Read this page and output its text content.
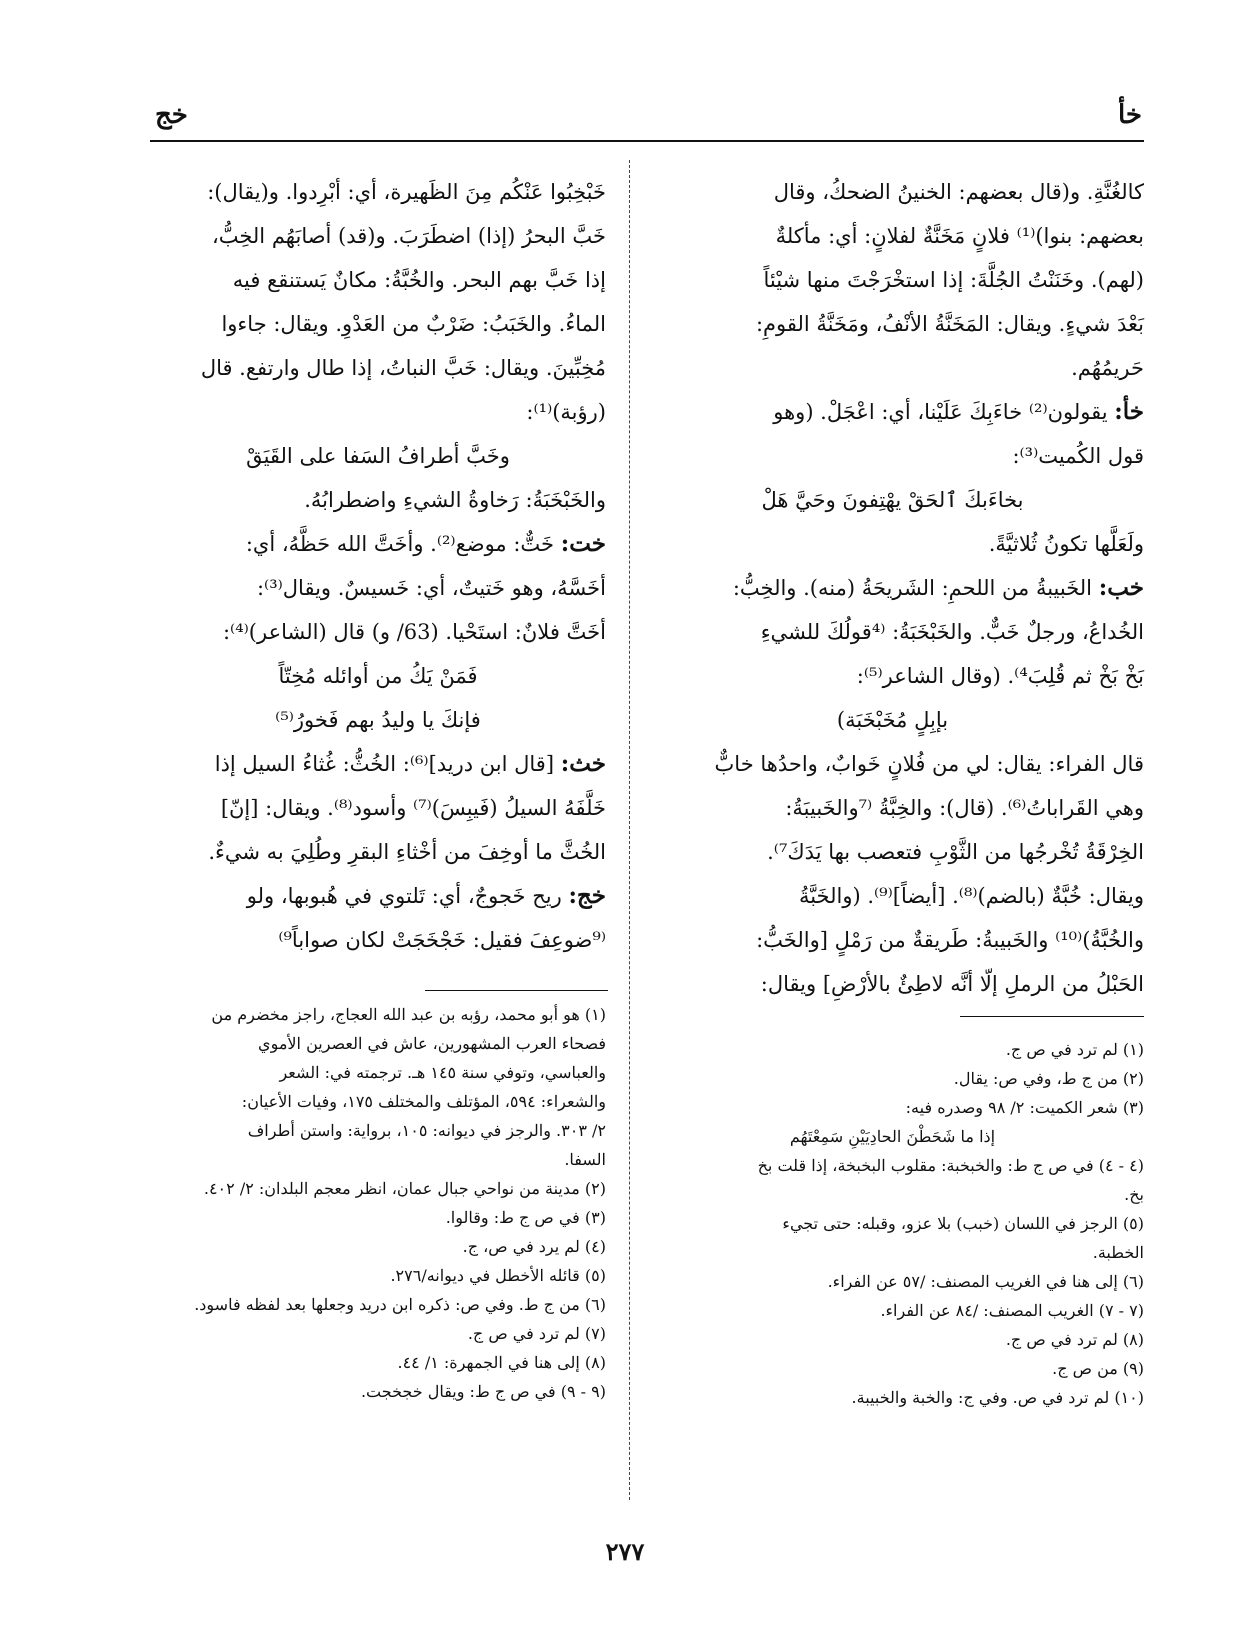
خأ
خج

كالغُنَّةِ. و(قال بعضهم: الخنينُ الضحكُ، وقال

بعضهم: بنوا)⁽¹⁾ فلانٍ مَخَنَّةٌ لفلانٍ: أي: مأكلةٌ

(لهم). وخَنَنْتُ الجُلَّةَ: إذا استخْرَجْتَ منها شيْئاً

بَعْدَ شيءٍ. ويقال: المَخَنَّةُ الأنْفُ، ومَخَنَّةُ القومِ:

حَريمُهُم.

خأ: يقولون⁽²⁾ خاءَبِكَ عَلَيْنا، أي: اعْجَلْ. (وهو

قول الكُميت⁽³⁾:

بخاءَبكَ ٱلحَقْ يهْتِفونَ وحَيَّ هَلْ

ولَعَلَّها تكونُ ثُلاثيَّةً.

خب: الخَبيبةُ من اللحمِ: الشَريحَةُ (منه). والخِبُّ:

الخُداعُ، ورجلٌ خَبٌّ. والخَبْخَبَةُ: ⁽⁴قولُكَ للشيءِ

بَخْ بَخْ ثم قُلِبَ⁴⁾. (وقال الشاعر⁽⁵⁾:

بإبِلٍ مُخَبْخَبَة)

قال الفراء: يقال: لي من فُلانٍ خَوابٌ، واحدُها خابٌّ

وهي القَراباتُ⁽⁶⁾. (قال): والخِبَّةُ ⁽⁷والخَبيبَةُ:

الخِرْقَةُ تُخْرجُها من الثَّوْبِ فتعصب بها يَدَكَ⁷⁾.

ويقال: خُبَّةٌ (بالضم)⁽⁸⁾. [أيضاً]⁽⁹⁾. (والخَبَّةُ

والخُبَّةُ)⁽¹⁰⁾ والخَبيبةُ: طَريقةٌ من رَمْلٍ [والخَبُّ:

الحَبْلُ من الرملِ إلّا أنَّه لاطِئٌ بالأرْضِ] ويقال:

خَبْخِبُوا عَنْكُم مِنَ الظَهيرة، أي: أبْرِدوا. و(يقال):

خَبَّ البحرُ (إذا) اضطَرَبَ. و(قد) أصابَهُم الخِبُّ،

إذا خَبَّ بهم البحر. والخُبَّةُ: مكانٌ يَستنقع فيه

الماءُ. والخَبَبُ: ضَرْبٌ من العَدْوِ. ويقال: جاءوا

مُخِبِّينَ. ويقال: خَبَّ النباتُ، إذا طال وارتفع. قال

(رؤبة)⁽¹⁾:

وخَبَّ أطرافُ السَفا على القَيَقْ

والخَبْخَبَةُ: رَخاوةُ الشيءِ واضطرابُهُ.

خت: خَتٌّ: موضع⁽²⁾. وأخَتَّ الله حَظَّهُ، أي:

أخَسَّهُ، وهو خَتيتٌ، أي: خَسيسٌ. ويقال⁽³⁾:

أخَتَّ فلانٌ: استَحْيا. (63/ و) قال (الشاعر)⁽⁴⁾:

فَمَنْ يَكُ من أوائله مُخِتّاً

فإنكَ يا وليدُ بهم فَخورُ⁽⁵⁾

خث: [قال ابن دريد]⁽⁶⁾: الخُثُّ: غُثاءُ السيل إذا

خَلَّفَهُ السيلُ (فَيبِسَ)⁽⁷⁾ وأسود⁽⁸⁾. ويقال: [إنّ]

الخُثَّ ما أوخِفَ من أخْثاءِ البقرِ وطُلِيَ به شيءٌ.

خج: ريح خَجوجٌ، أي: تَلتوي في هُبوبها، ولو

⁽⁹ضوعِفَ فقيل: خَجْخَجَتْ لكان صواباً⁹⁾

(١) لم ترد في ص ج.

(٢) من ج ط، وفي ص: يقال.

(٣) شعر الكميت: ٢/ ٩٨ وصدره فيه:

إذا ما شَحَطْنَ الحادِيَيْنِ سَمِعْتَهُم

(٤ - ٤) في ص ج ط: والخبخبة: مقلوب البخبخة، إذا قلت بخ

بخ.

(٥) الرجز في اللسان (خبب) بلا عزو، وقبله: حتى تجيء

الخطبة.

(٦) إلى هنا في الغريب المصنف: /٥٧ عن الفراء.

(٧ - ٧) الغريب المصنف: /٨٤ عن الفراء.

(٨) لم ترد في ص ج.

(٩) من ص ج.

(١٠) لم ترد في ص. وفي ج: والخبة والخبيبة.

(١) هو أبو محمد، رؤبه بن عبد الله العجاج، راجز مخضرم من

فصحاء العرب المشهورين، عاش في العصرين الأموي

والعباسي، وتوفي سنة ١٤٥ هـ. ترجمته في: الشعر

والشعراء: ٥٩٤، المؤتلف والمختلف ١٧٥، وفيات الأعيان:

٢/ ٣٠٣. والرجز في ديوانه: ١٠٥، برواية: واستن أطراف

السفا.

(٢) مدينة من نواحي جبال عمان، انظر معجم البلدان: ٢/ ٤٠٢.

(٣) في ص ج ط: وقالوا.

(٤) لم يرد في ص، ج.

(٥) قائله الأخطل في ديوانه/٢٧٦.

(٦) من ج ط. وفي ص: ذكره ابن دريد وجعلها بعد لفظه فاسود.

(٧) لم ترد في ص ج.

(٨) إلى هنا في الجمهرة: ١/ ٤٤.

(٩ - ٩) في ص ج ط: ويقال خجخجت.

٢٧٧
